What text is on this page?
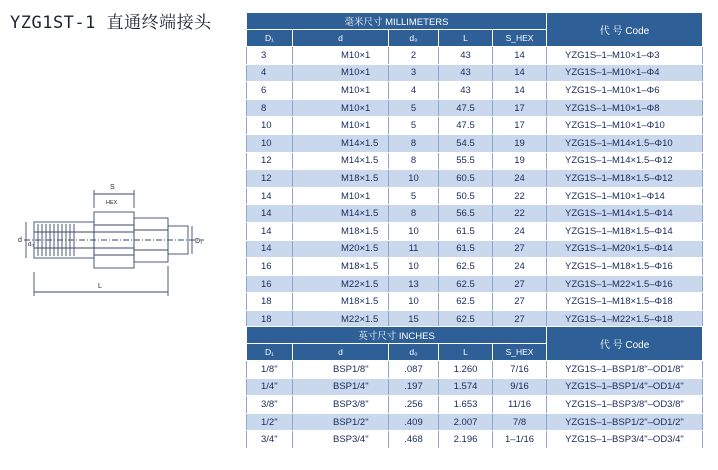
YZG1ST-1 直通终端接头
S
HEX
d
d₀	D₁
L
毫米尺寸 MILLIMETERS					代 号 Code
D₁	d	d₀	L	S_HEX	
3	M10×1	2	43	14	YZG1S–1–M10×1–Φ3
4	M10×1	3	43	14	YZG1S–1–M10×1–Φ4
6	M10×1	4	43	14	YZG1S–1–M10×1–Φ6
8	M10×1	5	47.5	17	YZG1S–1–M10×1–Φ8
10	M10×1	5	47.5	17	YZG1S–1–M10×1–Φ10
10	M14×1.5	8	54.5	19	YZG1S–1–M14×1.5–Φ10
12	M14×1.5	8	55.5	19	YZG1S–1–M14×1.5–Φ12
12	M18×1.5	10	60.5	24	YZG1S–1–M18×1.5–Φ12
14	M10×1	5	50.5	22	YZG1S–1–M10×1–Φ14
14	M14×1.5	8	56.5	22	YZG1S–1–M14×1.5–Φ14
14	M18×1.5	10	61.5	24	YZG1S–1–M18×1.5–Φ14
14	M20×1.5	11	61.5	27	YZG1S–1–M20×1.5–Φ14
16	M18×1.5	10	62.5	24	YZG1S–1–M18×1.5–Φ16
16	M22×1.5	13	62.5	27	YZG1S–1–M22×1.5–Φ16
18	M18×1.5	10	62.5	27	YZG1S–1–M18×1.5–Φ18
18	M22×1.5	15	62.5	27	YZG1S–1–M22×1.5–Φ18
英寸尺寸 INCHES					代 号 Code
D₁	d	d₀	L	S_HEX	
1/8"	BSP1/8"	.087	1.260	7/16	YZG1S–1–BSP1/8"–OD1/8"
1/4"	BSP1/4"	.197	1.574	9/16	YZG1S–1–BSP1/4"–OD1/4"
3/8"	BSP3/8"	.256	1.653	11/16	YZG1S–1–BSP3/8"–OD3/8"
1/2"	BSP1/2"	.409	2.007	7/8	YZG1S–1–BSP1/2"–OD1/2"
3/4"	BSP3/4"	.468	2.196	1–1/16	YZG1S–1–BSP3/4"–OD3/4"
